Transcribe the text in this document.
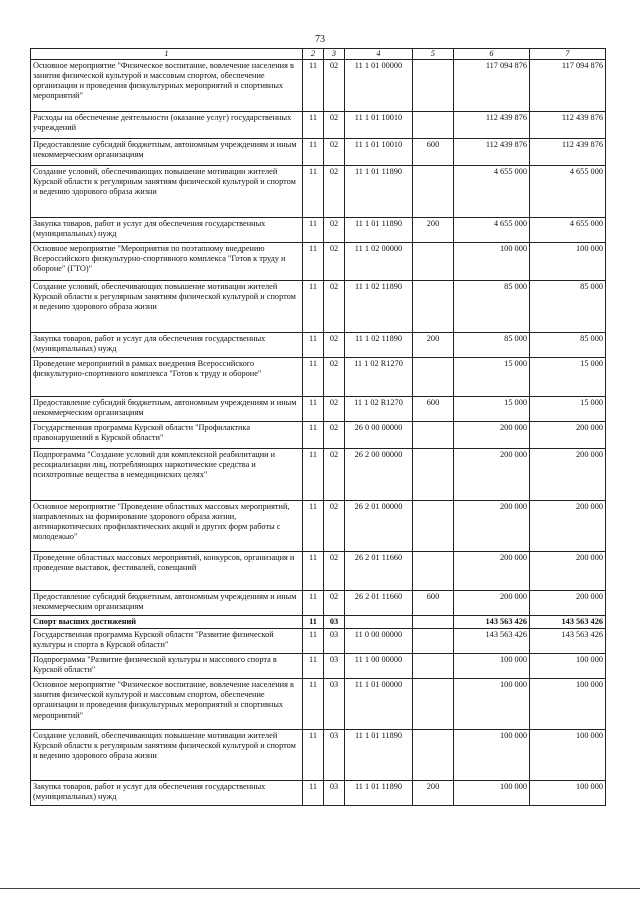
73
1	2	3	4	5	6	7
Основное мероприятие "Физическое воспитание, вовлечение населения в занятия физической культурой и массовым спортом, обеспечение организации и проведения физкультурных мероприятий и спортивных мероприятий"	11	02	11 1 01 00000		117 094 876	117 094 876
Расходы на обеспечение деятельности (оказание услуг) государственных учреждений	11	02	11 1 01 10010		112 439 876	112 439 876
Предоставление субсидий бюджетным, автономным учреждениям и иным некоммерческим организациям	11	02	11 1 01 10010	600	112 439 876	112 439 876
Создание условий, обеспечивающих повышение мотивации жителей Курской области к регулярным занятиям физической культурой и спортом и ведению здорового образа жизни	11	02	11 1 01 11890		4 655 000	4 655 000
Закупка товаров, работ и услуг для обеспечения государственных (муниципальных) нужд	11	02	11 1 01 11890	200	4 655 000	4 655 000
Основное мероприятие "Мероприятия по поэтапному внедрению Всероссийского физкультурно-спортивного комплекса "Готов к труду и обороне" (ГТО)"	11	02	11 1 02 00000		100 000	100 000
Создание условий, обеспечивающих повышение мотивации жителей Курской области к регулярным занятиям физической культурой и спортом и ведению здорового образа жизни	11	02	11 1 02 11890		85 000	85 000
Закупка товаров, работ и услуг для обеспечения государственных (муниципальных) нужд	11	02	11 1 02 11890	200	85 000	85 000
Проведение мероприятий в рамках внедрения Всероссийского физкультурно-спортивного комплекса "Готов к труду и обороне"	11	02	11 1 02 R1270		15 000	15 000
Предоставление субсидий бюджетным, автономным учреждениям и иным некоммерческим организациям	11	02	11 1 02 R1270	600	15 000	15 000
Государственная программа Курской области "Профилактика правонарушений в Курской области"	11	02	26 0 00 00000		200 000	200 000
Подпрограмма "Создание условий для комплексной реабилитации и ресоциализации лиц, потребляющих наркотические средства и психотропные вещества в немедицинских целях"	11	02	26 2 00 00000		200 000	200 000
Основное мероприятие "Проведение областных массовых мероприятий, направленных на формирование здорового образа жизни, антинаркотических профилактических акций и других форм работы с молодежью"	11	02	26 2 01 00000		200 000	200 000
Проведение областных массовых мероприятий, конкурсов, организация и проведение выставок, фестивалей, совещаний	11	02	26 2 01 11660		200 000	200 000
Предоставление субсидий бюджетным, автономным учреждениям и иным некоммерческим организациям	11	02	26 2 01 11660	600	200 000	200 000
Спорт высших достижений	11	03			143 563 426	143 563 426
Государственная программа Курской области "Развитие физической культуры и спорта в Курской области"	11	03	11 0 00 00000		143 563 426	143 563 426
Подпрограмма "Развитие физической культуры и массового спорта в Курской области"	11	03	11 1 00 00000		100 000	100 000
Основное мероприятие "Физическое воспитание, вовлечение населения в занятия физической культурой и массовым спортом, обеспечение организации и проведения физкультурных мероприятий и спортивных мероприятий"	11	03	11 1 01 00000		100 000	100 000
Создание условий, обеспечивающих повышение мотивации жителей Курской области к регулярным занятиям физической культурой и спортом и ведению здорового образа жизни	11	03	11 1 01 11890		100 000	100 000
Закупка товаров, работ и услуг для обеспечения государственных (муниципальных) нужд	11	03	11 1 01 11890	200	100 000	100 000
